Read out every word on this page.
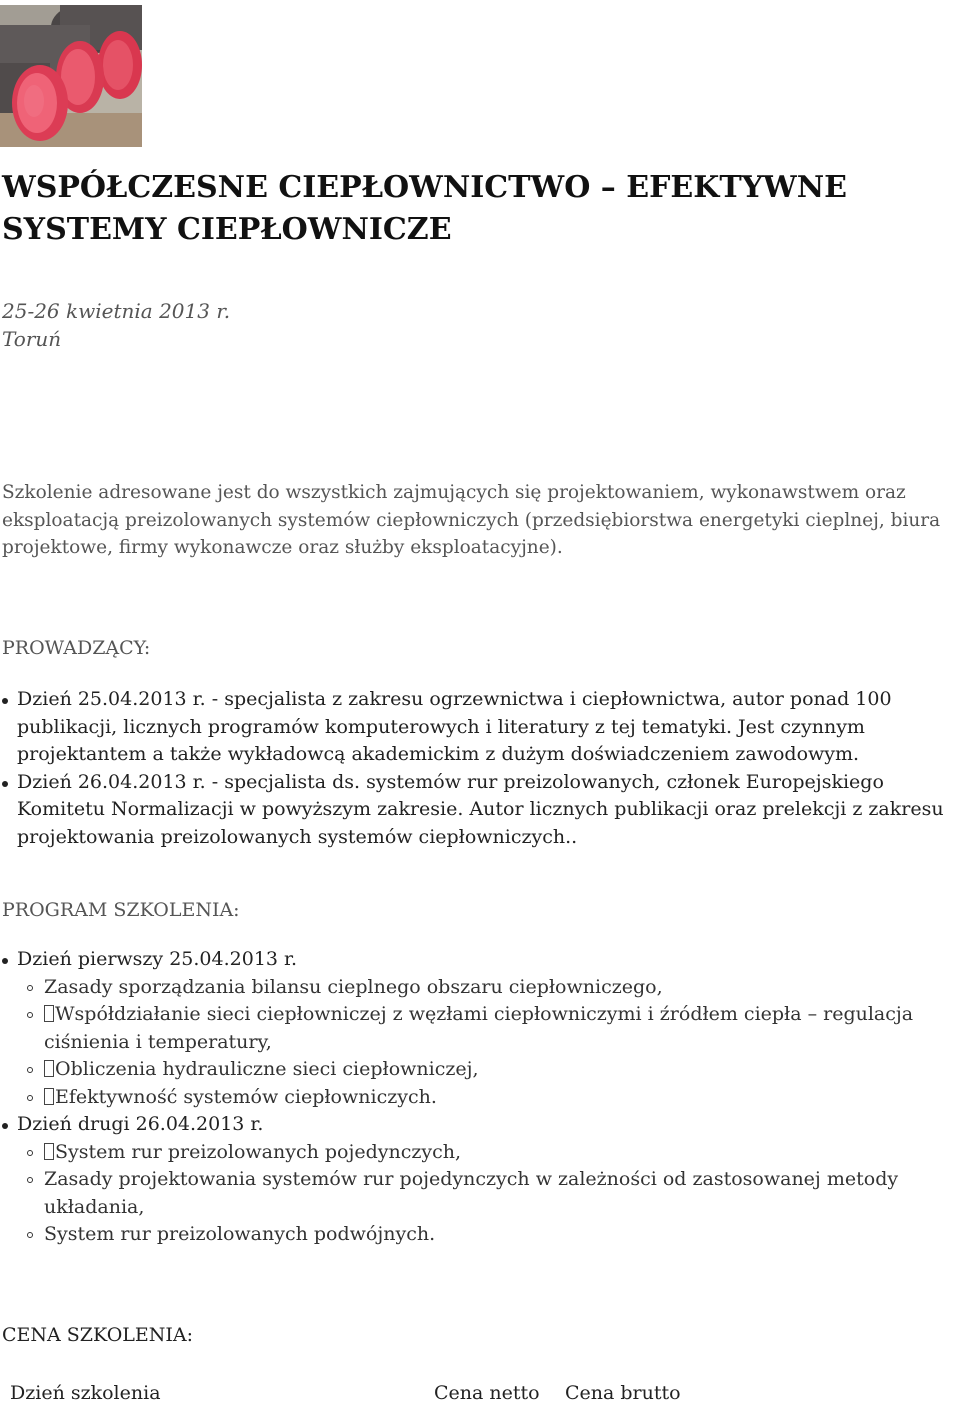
WSPÓŁCZESNE CIEPŁOWNICTWO – EFEKTYWNE SYSTEMY CIEPŁOWNICZE

25-26 kwietnia 2013 r.

Toruń

Szkolenie adresowane jest do wszystkich zajmujących się projektowaniem, wykonawstwem oraz eksploatacją preizolowanych systemów ciepłowniczych (przedsiębiorstwa energetyki cieplnej, biura projektowe, firmy wykonawcze oraz służby eksploatacyjne).

PROWADZĄCY:
Dzień 25.04.2013 r. - specjalista z zakresu ogrzewnictwa i ciepłownictwa, autor ponad 100 publikacji, licznych programów komputerowych i literatury z tej tematyki. Jest czynnym projektantem a także wykładowcą akademickim z dużym doświadczeniem zawodowym.
Dzień 26.04.2013 r. - specjalista ds. systemów rur preizolowanych, członek Europejskiego Komitetu Normalizacji w powyższym zakresie. Autor licznych publikacji oraz prelekcji z zakresu projektowania preizolowanych systemów ciepłowniczych..
PROGRAM SZKOLENIA:
Dzień pierwszy 25.04.2013 r.
Zasady sporządzania bilansu cieplnego obszaru ciepłowniczego,
Współdziałanie sieci ciepłowniczej z węzłami ciepłowniczymi i źródłem ciepła – regulacja ciśnienia i temperatury,
Obliczenia hydrauliczne sieci ciepłowniczej,
Efektywność systemów ciepłowniczych.
Dzień drugi 26.04.2013 r.
System rur preizolowanych pojedynczych,
Zasady projektowania systemów rur pojedynczych w zależności od zastosowanej metody układania,
System rur preizolowanych podwójnych.
CENA SZKOLENIA:
Dzień szkolenia	Cena netto Cena brutto
